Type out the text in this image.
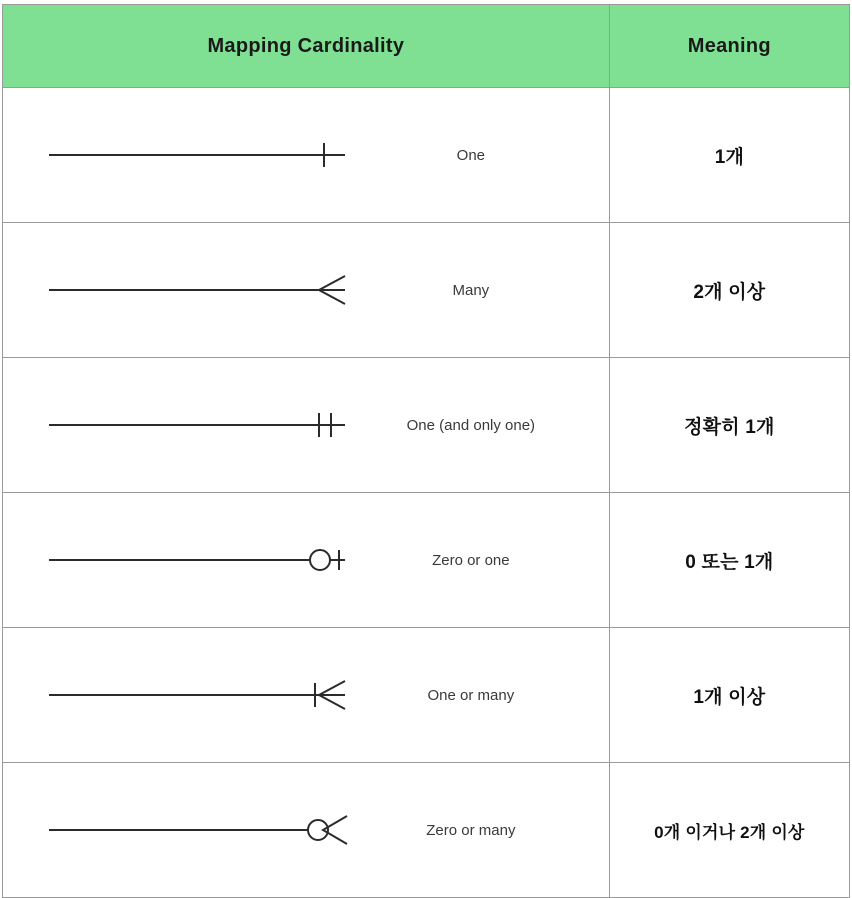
Mapping Cardinality	Meaning

One	1개

Many	2개 이상

One (and only one)	정확히 1개

Zero or one	0 또는 1개

One or many	1개 이상

Zero or many	0개 이거나 2개 이상
